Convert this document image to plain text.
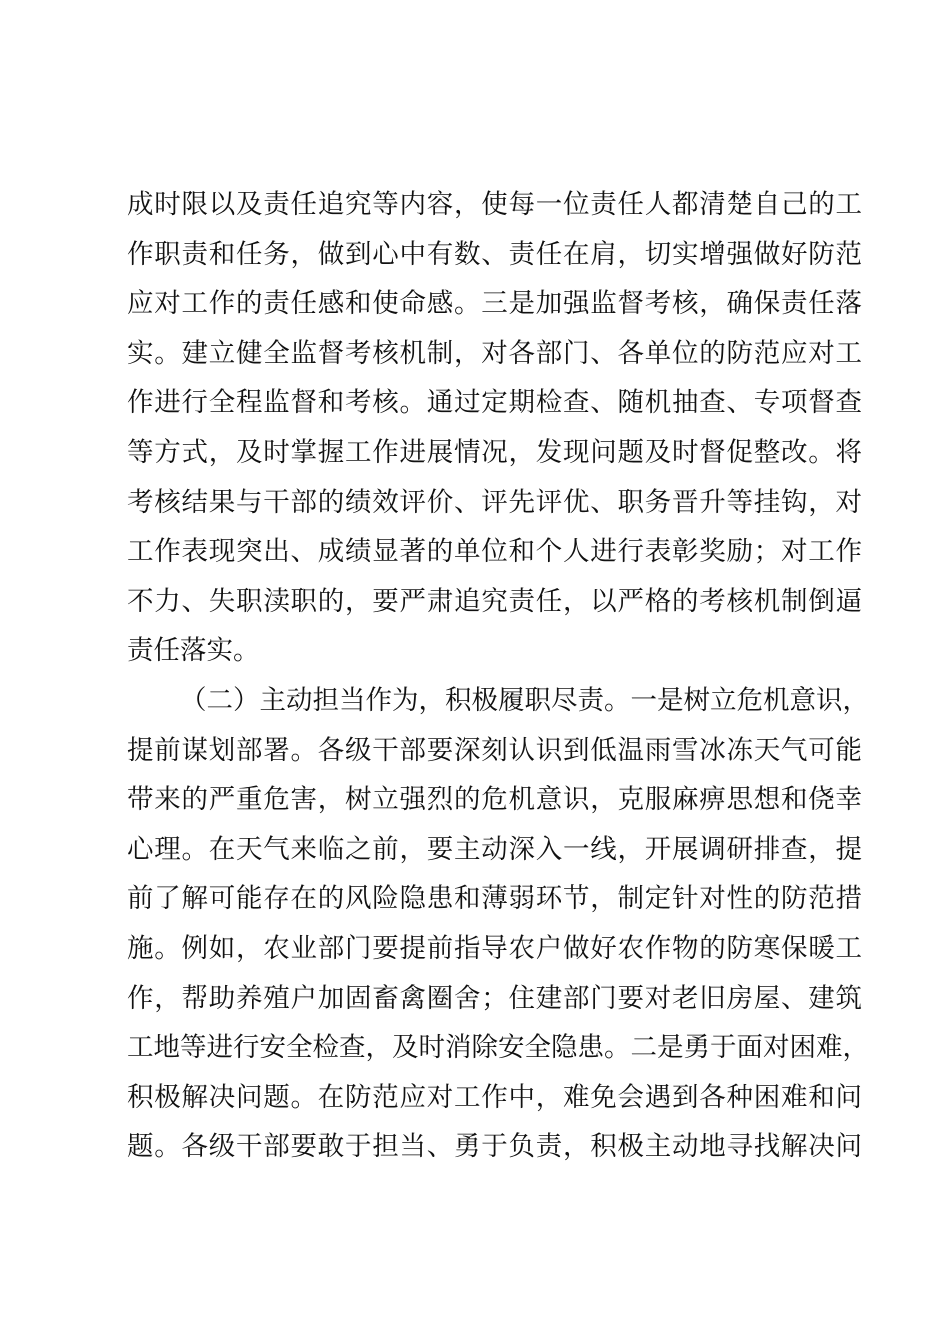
成时限以及责任追究等内容，使每一位责任人都清楚自己的工
作职责和任务，做到心中有数、责任在肩，切实增强做好防范
应对工作的责任感和使命感。三是加强监督考核，确保责任落
实。建立健全监督考核机制，对各部门、各单位的防范应对工
作进行全程监督和考核。通过定期检查、随机抽查、专项督查
等方式，及时掌握工作进展情况，发现问题及时督促整改。将
考核结果与干部的绩效评价、评先评优、职务晋升等挂钩，对
工作表现突出、成绩显著的单位和个人进行表彰奖励；对工作
不力、失职渎职的，要严肃追究责任，以严格的考核机制倒逼
责任落实。
（二）主动担当作为，积极履职尽责。一是树立危机意识，
提前谋划部署。各级干部要深刻认识到低温雨雪冰冻天气可能
带来的严重危害，树立强烈的危机意识，克服麻痹思想和侥幸
心理。在天气来临之前，要主动深入一线，开展调研排查，提
前了解可能存在的风险隐患和薄弱环节，制定针对性的防范措
施。例如，农业部门要提前指导农户做好农作物的防寒保暖工
作，帮助养殖户加固畜禽圈舍；住建部门要对老旧房屋、建筑
工地等进行安全检查，及时消除安全隐患。二是勇于面对困难，
积极解决问题。在防范应对工作中，难免会遇到各种困难和问
题。各级干部要敢于担当、勇于负责，积极主动地寻找解决问
